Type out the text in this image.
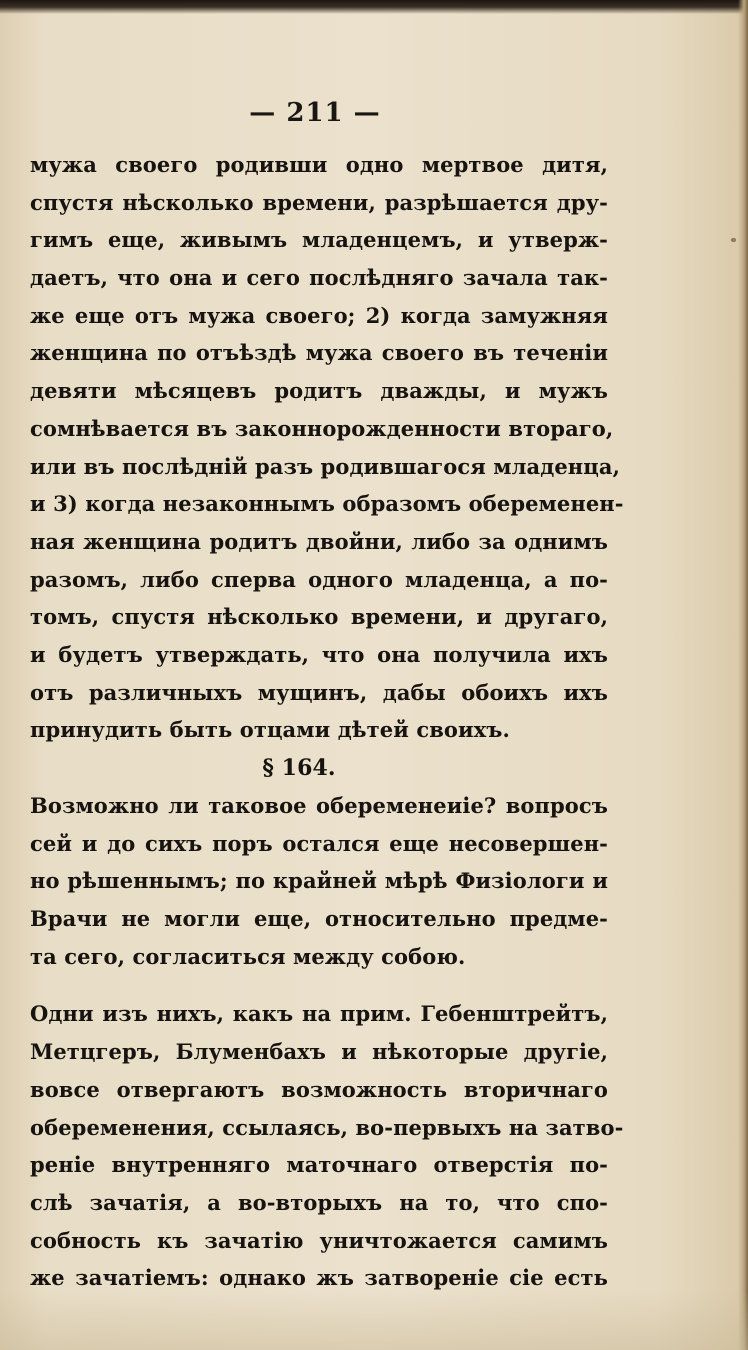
— 211 —
мужа своего родивши одно мертвое дитя,
спустя нѣсколько времени, разрѣшается дру-
гимъ еще, живымъ младенцемъ, и утверж-
даетъ, что она и сего послѣдняго зачала так-
же еще отъ мужа своего; 2) когда замужняя
женщина по отъѣздѣ мужа своего въ теченіи
девяти мѣсяцевъ родитъ дважды, и мужъ
сомнѣвается въ законнорожденности втораго,
или въ послѣдній разъ родившагося младенца,
и 3) когда незаконнымъ образомъ обеременен-
ная женщина родитъ двойни, либо за однимъ
разомъ, либо сперва одного младенца, а по-
томъ, спустя нѣсколько времени, и другаго,
и будетъ утверждать, что она получила ихъ
отъ различныхъ мущинъ, дабы обоихъ ихъ
принудить быть отцами дѣтей своихъ.
§ 164.
Возможно ли таковое обеременеиіе? вопросъ
сей и до сихъ поръ остался еще несовершен-
но рѣшеннымъ; по крайней мѣрѣ Физіологи и
Врачи не могли еще, относительно предме-
та сего, согласиться между собою.
Одни изъ нихъ, какъ на прим. Гебенштрейтъ,
Метцгеръ, Блуменбахъ и нѣкоторые другіе,
вовсе отвергаютъ возможность вторичнаго
обеременения, ссылаясь, во-первыхъ на затво-
реніе внутренняго маточнаго отверстія по-
слѣ зачатія, а во-вторыхъ на то, что спо-
собность къ зачатію уничтожается самимъ
же зачатіемъ: однако жъ затвореніе сіе есть
